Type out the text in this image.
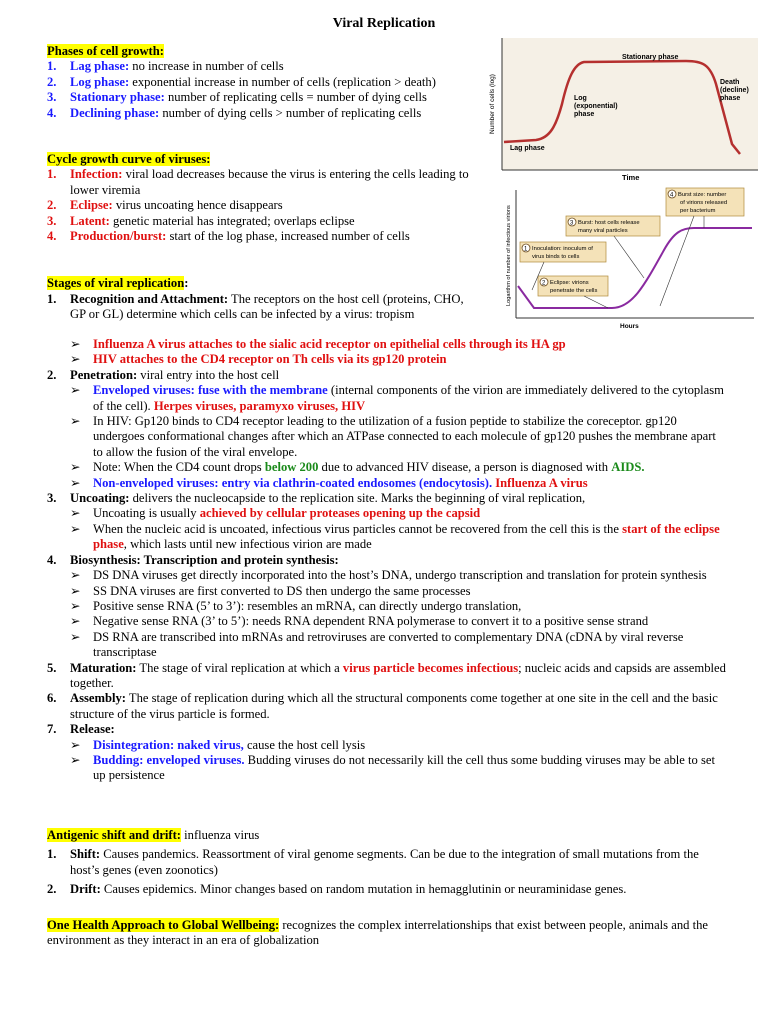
Viral Replication
Phases of cell growth:
1. Lag phase: no increase in number of cells
2. Log phase: exponential increase in number of cells (replication > death)
3. Stationary phase: number of replicating cells = number of dying cells
4. Declining phase: number of dying cells > number of replicating cells
Cycle growth curve of viruses:
1. Infection: viral load decreases because the virus is entering the cells leading to lower viremia
2. Eclipse: virus uncoating hence disappears
3. Latent: genetic material has integrated; overlaps eclipse
4. Production/burst: start of the log phase, increased number of cells
Number of cells (log)
Time
Lag phase
Log
(exponential)
phase
Stationary phase
Death
(decline)
phase
Logarithm of number of infectious virions
Hours
1 Inoculation: inoculum of
virus binds to cells
2 Eclipse: virions
penetrate the cells
3 Burst: host cells release
many viral particles
4 Burst size: number
of virions released
per bacterium
Stages of viral replication:
1. Recognition and Attachment: The receptors on the host cell (proteins, CHO, GP or GL) determine which cells can be infected by a virus: tropism
➢ Influenza A virus attaches to the sialic acid receptor on epithelial cells through its HA gp
➢ HIV attaches to the CD4 receptor on Th cells via its gp120 protein
2. Penetration: viral entry into the host cell
➢ Enveloped viruses: fuse with the membrane (internal components of the virion are immediately delivered to the cytoplasm of the cell). Herpes viruses, paramyxo viruses, HIV
➢ In HIV: Gp120 binds to CD4 receptor leading to the utilization of a fusion peptide to stabilize the coreceptor. gp120 undergoes conformational changes after which an ATPase connected to each molecule of gp120 pushes the membrane apart to allow the fusion of the viral envelope.
➢ Note: When the CD4 count drops below 200 due to advanced HIV disease, a person is diagnosed with AIDS.
➢ Non-enveloped viruses: entry via clathrin-coated endosomes (endocytosis). Influenza A virus
3. Uncoating: delivers the nucleocapside to the replication site. Marks the beginning of viral replication,
➢ Uncoating is usually achieved by cellular proteases opening up the capsid
➢ When the nucleic acid is uncoated, infectious virus particles cannot be recovered from the cell this is the start of the eclipse phase, which lasts until new infectious virion are made
4. Biosynthesis: Transcription and protein synthesis:
➢ DS DNA viruses get directly incorporated into the host’s DNA, undergo transcription and translation for protein synthesis
➢ SS DNA viruses are first converted to DS then undergo the same processes
➢ Positive sense RNA (5’ to 3’): resembles an mRNA, can directly undergo translation,
➢ Negative sense RNA (3’ to 5’): needs RNA dependent RNA polymerase to convert it to a positive sense strand
➢ DS RNA are transcribed into mRNAs and retroviruses are converted to complementary DNA (cDNA by viral reverse transcriptase
5. Maturation: The stage of viral replication at which a virus particle becomes infectious; nucleic acids and capsids are assembled together.
6. Assembly: The stage of replication during which all the structural components come together at one site in the cell and the basic structure of the virus particle is formed.
7. Release:
➢ Disintegration: naked virus, cause the host cell lysis
➢ Budding: enveloped viruses. Budding viruses do not necessarily kill the cell thus some budding viruses may be able to set up persistence
Antigenic shift and drift: influenza virus
1. Shift: Causes pandemics. Reassortment of viral genome segments. Can be due to the integration of small mutations from the host’s genes (even zoonotics)
2. Drift: Causes epidemics. Minor changes based on random mutation in hemagglutinin or neuraminidase genes.
One Health Approach to Global Wellbeing: recognizes the complex interrelationships that exist between people, animals and the environment as they interact in an era of globalization
